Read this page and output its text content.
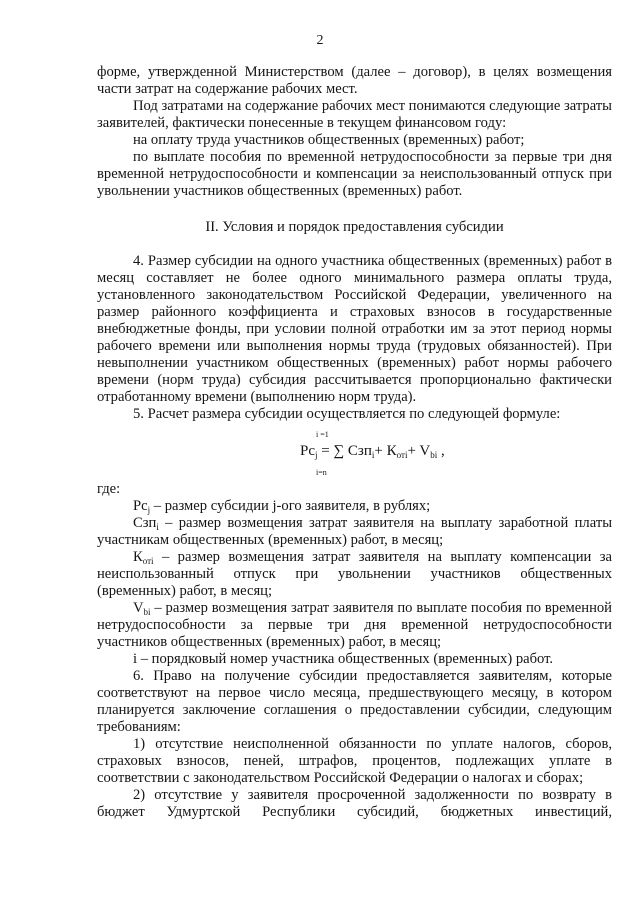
2

форме, утвержденной Министерством (далее – договор), в целях возмещения

части затрат на содержание рабочих мест.

Под затратами на содержание рабочих мест понимаются следующие затраты заявителей, фактически понесенные в текущем финансовом году:

на оплату труда участников общественных (временных) работ;

по выплате пособия по временной нетрудоспособности за первые три дня временной нетрудоспособности и компенсации за неиспользованный отпуск при увольнении участников общественных (временных) работ.

II. Условия и порядок предоставления субсидии

4. Размер субсидии на одного участника общественных (временных) работ в месяц составляет не более одного минимального размера оплаты труда, установленного законодательством Российской Федерации, увеличенного на размер районного коэффициента и страховых взносов в государственные внебюджетные фонды, при условии полной отработки им за этот период нормы рабочего времени или выполнения нормы труда (трудовых обязанностей). При невыполнении участником общественных (временных) работ нормы рабочего времени (норм труда) субсидия рассчитывается пропорционально фактически отработанному времени (выполнению норм труда).

5. Расчет размера субсидии осуществляется по следующей формуле:

i =1
$Pc_j$ = ∑ $Сзп_i+ К_{отi}+ V_{bi}$ ,
i=n

где:

$Рс_j$ – размер субсидии j-ого заявителя, в рублях;

Сзп$_i$ – размер возмещения затрат заявителя на выплату заработной платы участникам общественных (временных) работ, в месяц;

$К_{отi}$ – размер возмещения затрат заявителя на выплату компенсации за неиспользованный отпуск при увольнении участников общественных (временных) работ, в месяц;

$V_{bi}$ – размер возмещения затрат заявителя по выплате пособия по временной нетрудоспособности за первые три дня временной нетрудоспособности участников общественных (временных) работ, в месяц;

i – порядковый номер участника общественных (временных) работ.

6. Право на получение субсидии предоставляется заявителям, которые соответствуют на первое число месяца, предшествующего месяцу, в котором планируется заключение соглашения о предоставлении субсидии, следующим требованиям:

1) отсутствие неисполненной обязанности по уплате налогов, сборов, страховых взносов, пеней, штрафов, процентов, подлежащих уплате в соответствии с законодательством Российской Федерации о налогах и сборах;

2) отсутствие у заявителя просроченной задолженности по возврату в

бюджет Удмуртской Республики субсидий, бюджетных инвестиций,
